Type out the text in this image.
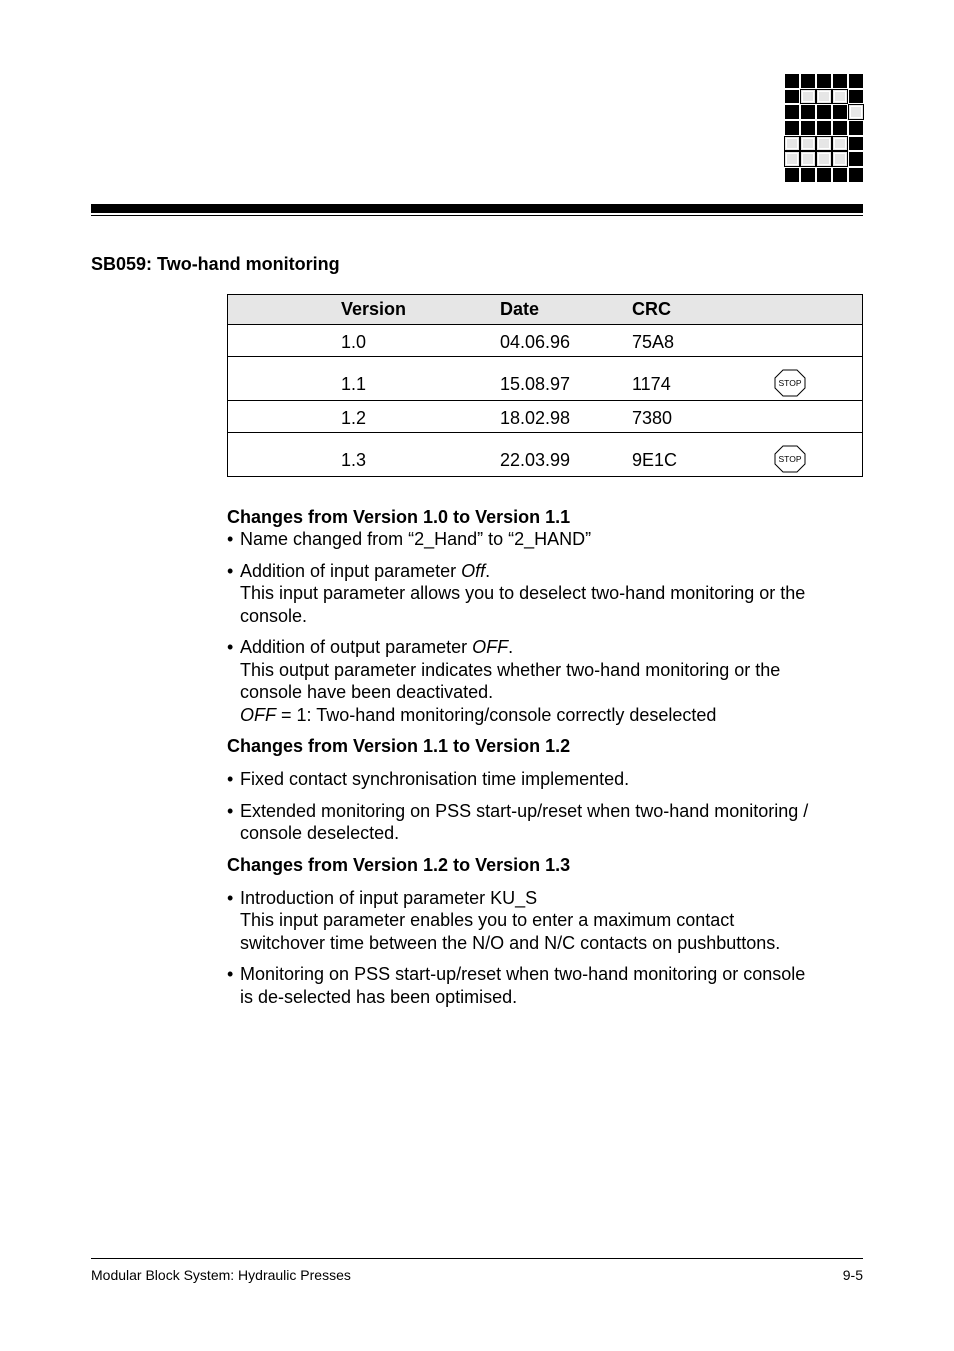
SB059: Two-hand monitoring
Version	Date	CRC
1.0	04.06.96	75A8
1.1	15.08.97	1174	STOP
1.2	18.02.98	7380
1.3	22.03.99	9E1C	STOP
Changes from Version 1.0 to Version 1.1

• Name changed from “2_Hand” to “2_HAND”

• Addition of input parameter Off.
This input parameter allows you to deselect two-hand monitoring or the
console.

• Addition of output parameter OFF.
This output parameter indicates whether two-hand monitoring or the
console have been deactivated.
OFF = 1: Two-hand monitoring/console correctly deselected

Changes from Version 1.1 to Version 1.2

• Fixed contact synchronisation time implemented.

• Extended monitoring on PSS start-up/reset when two-hand monitoring /
console deselected.

Changes from Version 1.2 to Version 1.3

• Introduction of input parameter KU_S
This input parameter enables you to enter a maximum contact
switchover time between the N/O and N/C contacts on pushbuttons.

• Monitoring on PSS start-up/reset when two-hand monitoring or console
is de-selected has been optimised.

Modular Block System: Hydraulic Presses	9-5
